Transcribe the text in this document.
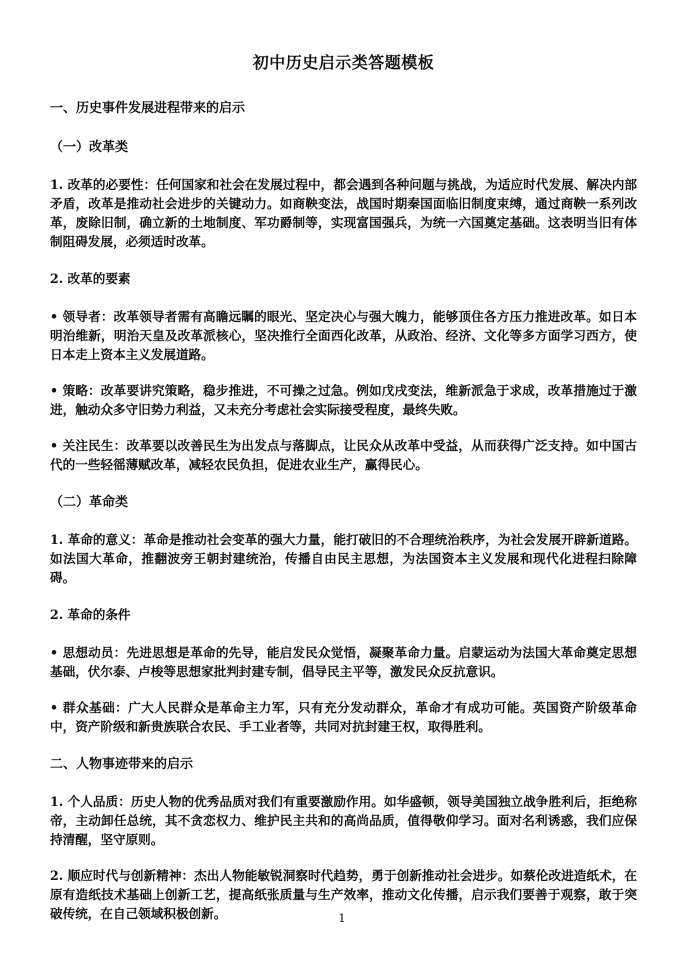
初中历史启示类答题模板
一、历史事件发展进程带来的启示
（一）改革类
1. 改革的必要性：任何国家和社会在发展过程中，都会遇到各种问题与挑战，为适应时代发展、解决内部矛盾，改革是推动社会进步的关键动力。如商鞅变法，战国时期秦国面临旧制度束缚，通过商鞅一系列改革，废除旧制，确立新的土地制度、军功爵制等，实现富国强兵，为统一六国奠定基础。这表明当旧有体制阻碍发展，必须适时改革。
2. 改革的要素
• 领导者：改革领导者需有高瞻远瞩的眼光、坚定决心与强大魄力，能够顶住各方压力推进改革。如日本明治维新，明治天皇及改革派核心，坚决推行全面西化改革，从政治、经济、文化等多方面学习西方，使日本走上资本主义发展道路。
• 策略：改革要讲究策略，稳步推进，不可操之过急。例如戊戌变法，维新派急于求成，改革措施过于激进，触动众多守旧势力利益，又未充分考虑社会实际接受程度，最终失败。
• 关注民生：改革要以改善民生为出发点与落脚点，让民众从改革中受益，从而获得广泛支持。如中国古代的一些轻徭薄赋改革，减轻农民负担，促进农业生产，赢得民心。
（二）革命类
1. 革命的意义：革命是推动社会变革的强大力量，能打破旧的不合理统治秩序，为社会发展开辟新道路。如法国大革命，推翻波旁王朝封建统治，传播自由民主思想，为法国资本主义发展和现代化进程扫除障碍。
2. 革命的条件
• 思想动员：先进思想是革命的先导，能启发民众觉悟，凝聚革命力量。启蒙运动为法国大革命奠定思想基础，伏尔泰、卢梭等思想家批判封建专制，倡导民主平等，激发民众反抗意识。
• 群众基础：广大人民群众是革命主力军，只有充分发动群众，革命才有成功可能。英国资产阶级革命中，资产阶级和新贵族联合农民、手工业者等，共同对抗封建王权，取得胜利。
二、人物事迹带来的启示
1. 个人品质：历史人物的优秀品质对我们有重要激励作用。如华盛顿，领导美国独立战争胜利后，拒绝称帝，主动卸任总统，其不贪恋权力、维护民主共和的高尚品质，值得敬仰学习。面对名利诱惑，我们应保持清醒，坚守原则。
2. 顺应时代与创新精神：杰出人物能敏锐洞察时代趋势，勇于创新推动社会进步。如蔡伦改进造纸术，在原有造纸技术基础上创新工艺，提高纸张质量与生产效率，推动文化传播，启示我们要善于观察，敢于突破传统，在自己领域积极创新。	1
